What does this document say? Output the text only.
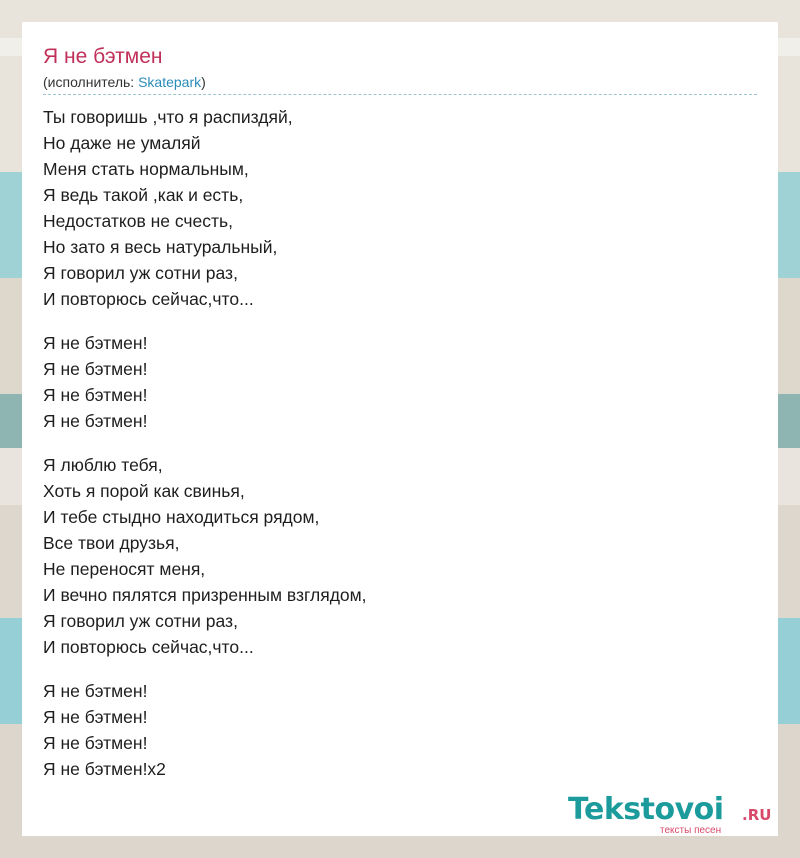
Я не бэтмен
(исполнитель: Skatepark)
Ты говоришь ,что я распиздяй,
Но даже не умаляй
Меня стать нормальным,
Я ведь такой ,как и есть,
Недостатков не счесть,
Но зато я весь натуральный,
Я говорил уж сотни раз,
И повторюсь сейчас,что...
Я не бэтмен!
Я не бэтмен!
Я не бэтмен!
Я не бэтмен!
Я люблю тебя,
Хоть я порой как свинья,
И тебе стыдно находиться рядом,
Все твои друзья,
Не переносят меня,
И вечно пялятся призренным взглядом,
Я говорил уж сотни раз,
И повторюсь сейчас,что...
Я не бэтмен!
Я не бэтмен!
Я не бэтмен!
Я не бэтмен!x2
Tekstovoi .RU
тексты песен
